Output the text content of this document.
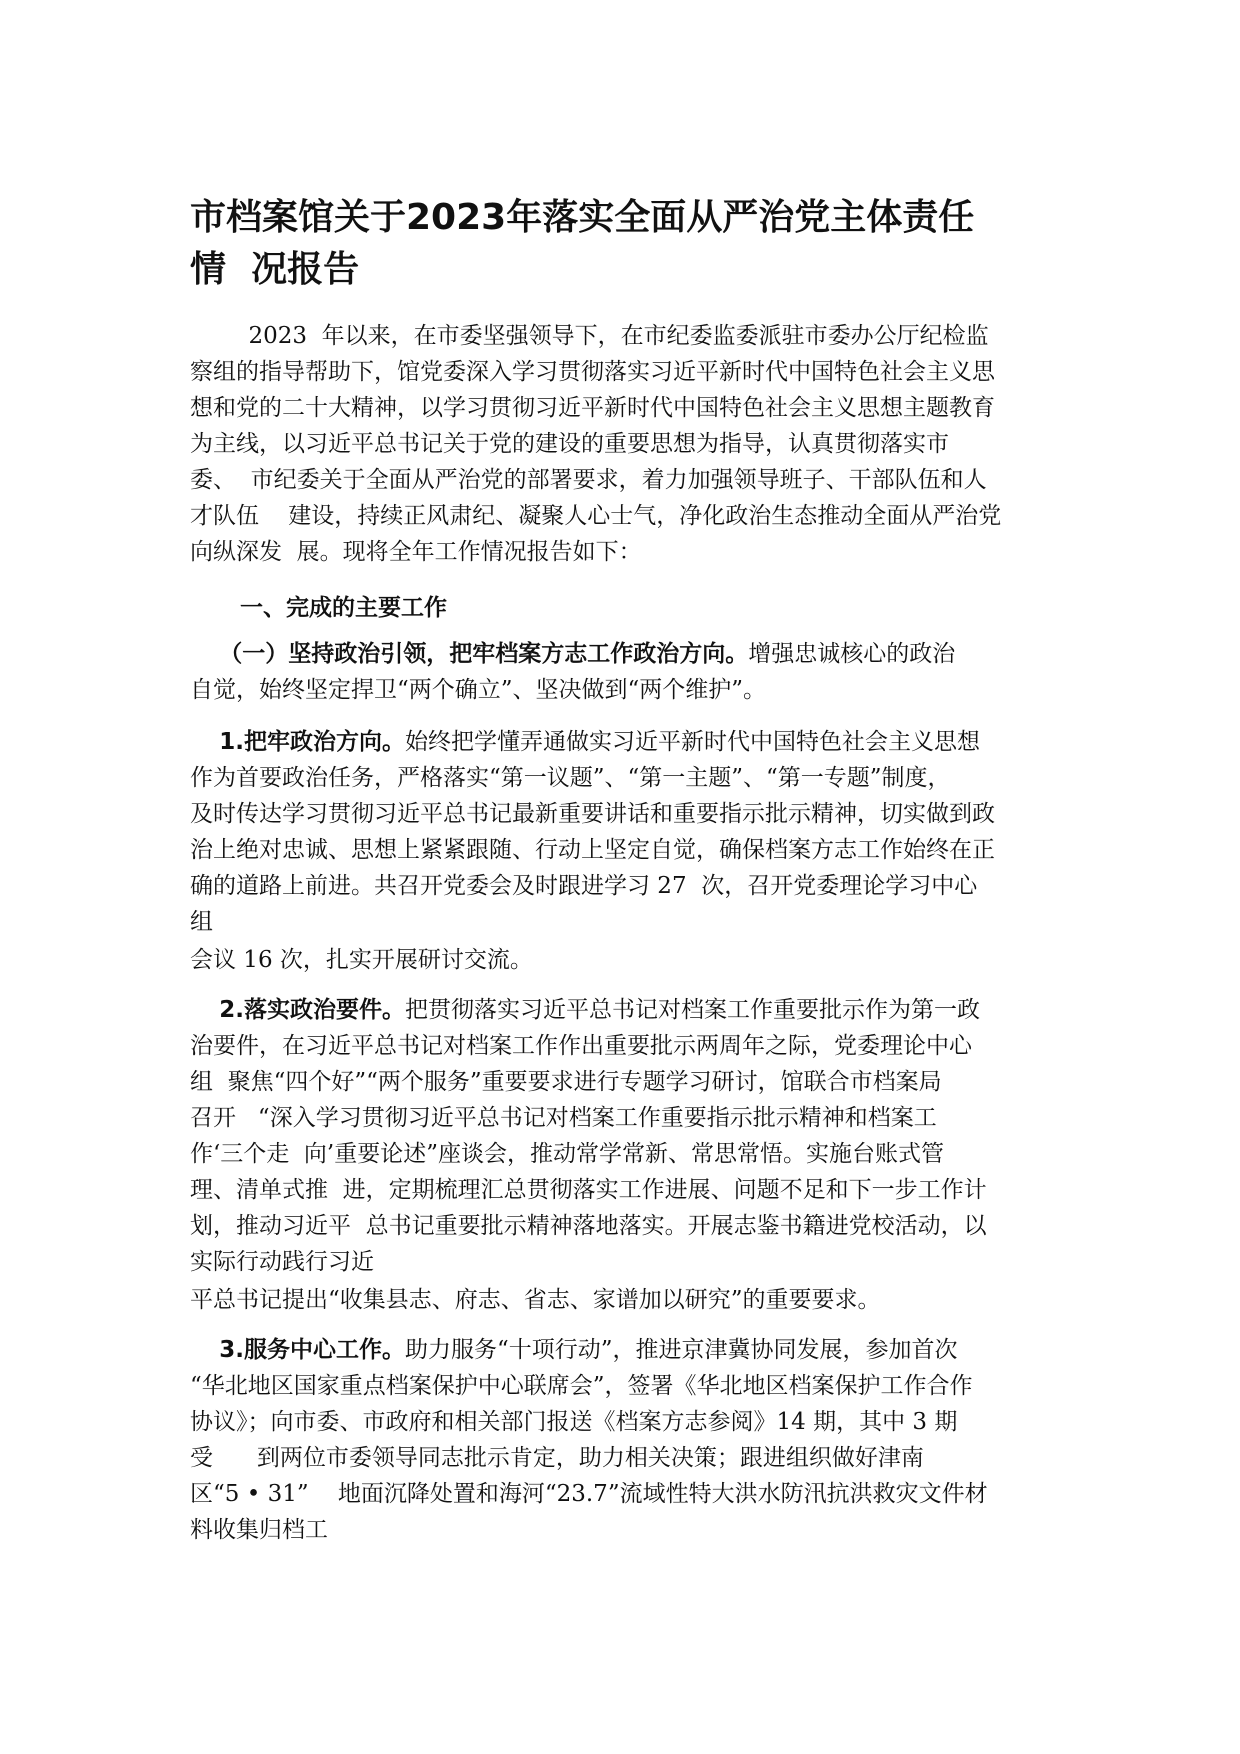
市档案馆关于2023年落实全面从严治党主体责任
情  况报告
2023  年以来，在市委坚强领导下，在市纪委监委派驻市委办公厅纪检监
察组的指导帮助下，馆党委深入学习贯彻落实习近平新时代中国特色社会主义思
想和党的二十大精神，以学习贯彻习近平新时代中国特色社会主义思想主题教育
为主线，以习近平总书记关于党的建设的重要思想为指导，认真贯彻落实市
委、  市纪委关于全面从严治党的部署要求，着力加强领导班子、干部队伍和人
才队伍    建设，持续正风肃纪、凝聚人心士气，净化政治生态推动全面从严治党
向纵深发  展。现将全年工作情况报告如下：
一、完成的主要工作
（一）坚持政治引领，把牢档案方志工作政治方向。增强忠诚核心的政治
自觉，始终坚定捍卫“两个确立”、坚决做到“两个维护”。
1.把牢政治方向。始终把学懂弄通做实习近平新时代中国特色社会主义思想
作为首要政治任务，严格落实“第一议题”、“第一主题”、“第一专题”制度，
及时传达学习贯彻习近平总书记最新重要讲话和重要指示批示精神，切实做到政
治上绝对忠诚、思想上紧紧跟随、行动上坚定自觉，确保档案方志工作始终在正
确的道路上前进。共召开党委会及时跟进学习 27  次，召开党委理论学习中心
组
会议 16 次，扎实开展研讨交流。
2.落实政治要件。把贯彻落实习近平总书记对档案工作重要批示作为第一政
治要件，在习近平总书记对档案工作作出重要批示两周年之际，党委理论中心
组  聚焦“四个好”“两个服务”重要要求进行专题学习研讨，馆联合市档案局
召开   “深入学习贯彻习近平总书记对档案工作重要指示批示精神和档案工
作‘三个走  向’重要论述”座谈会，推动常学常新、常思常悟。实施台账式管
理、清单式推  进，定期梳理汇总贯彻落实工作进展、问题不足和下一步工作计
划，推动习近平  总书记重要批示精神落地落实。开展志鉴书籍进党校活动，以
实际行动践行习近
平总书记提出“收集县志、府志、省志、家谱加以研究”的重要要求。
3.服务中心工作。助力服务“十项行动”，推进京津冀协同发展，参加首次
“华北地区国家重点档案保护中心联席会”，签署《华北地区档案保护工作合作
协议》；向市委、市政府和相关部门报送《档案方志参阅》14 期，其中 3 期
受      到两位市委领导同志批示肯定，助力相关决策；跟进组织做好津南
区“5 • 31”    地面沉降处置和海河“23.7”流域性特大洪水防汛抗洪救灾文件材
料收集归档工
